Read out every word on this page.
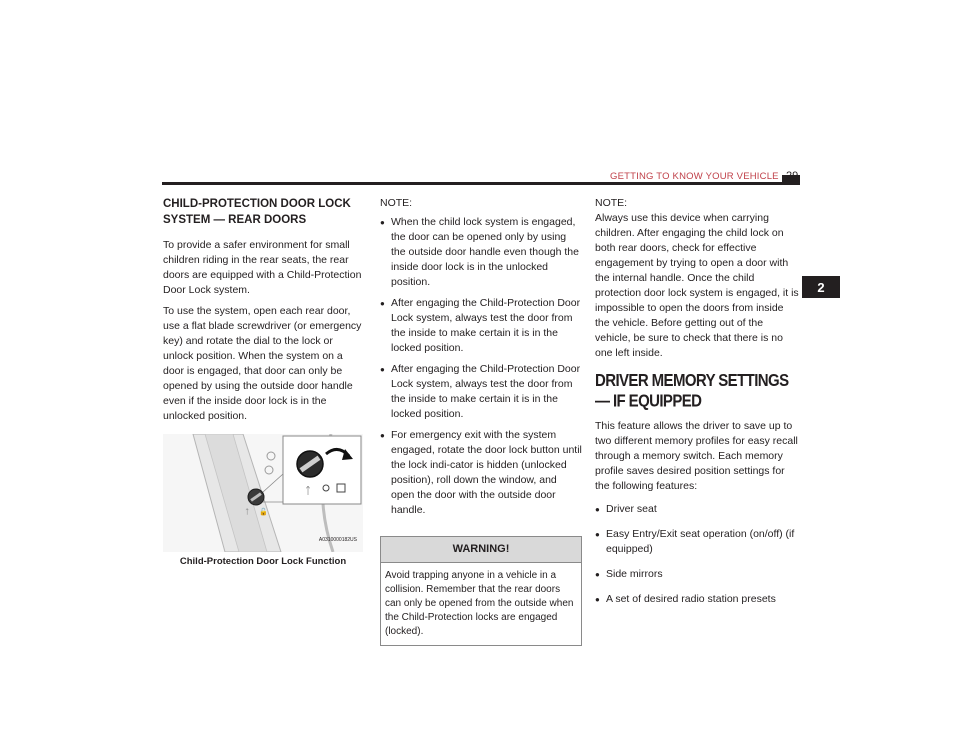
GETTING TO KNOW YOUR VEHICLE 29
2
CHILD-PROTECTION DOOR LOCK
SYSTEM — REAR DOORS

To provide a safer environment for small children riding in the rear seats, the rear doors are equipped with a Child-Protection Door Lock system.

To use the system, open each rear door, use a flat blade screwdriver (or emergency key) and rotate the dial to the lock or unlock position. When the system on a door is engaged, that door can only be opened by using the outside door handle even if the inside door lock is in the unlocked position.

ᛏ 🔓
ᛏ
A0310000182US
Child-Protection Door Lock Function
NOTE:
● When the child lock system is engaged, the door can be opened only by using the outside door handle even though the inside door lock is in the unlocked position.
● After engaging the Child-Protection Door Lock system, always test the door from the inside to make certain it is in the locked position.
● After engaging the Child-Protection Door Lock system, always test the door from the inside to make certain it is in the locked position.
● For emergency exit with the system engaged, rotate the door lock button until the lock indi-cator is hidden (unlocked position), roll down the window, and open the door with the outside door handle.
WARNING!
Avoid trapping anyone in a vehicle in a collision. Remember that the rear doors can only be opened from the outside when the Child-Protection locks are engaged (locked).
NOTE:

Always use this device when carrying children. After engaging the child lock on both rear doors, check for effective engagement by trying to open a door with the internal handle. Once the child protection door lock system is engaged, it is impossible to open the doors from inside the vehicle. Before getting out of the vehicle, be sure to check that there is no one left inside.

DRIVER MEMORY SETTINGS — IF EQUIPPED

This feature allows the driver to save up to two different memory profiles for easy recall through a memory switch. Each memory profile saves desired position settings for the following features:

● Driver seat
● Easy Entry/Exit seat operation (on/off) (if equipped)
● Side mirrors
● A set of desired radio station presets
